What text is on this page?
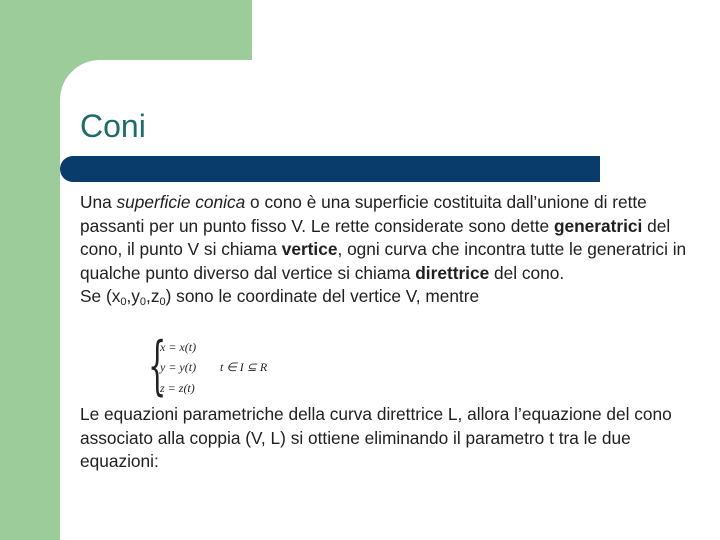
Coni

Una superficie conica o cono è una superficie costituita dall’unione di rette passanti per un punto fisso V. Le rette considerate sono dette generatrici del cono, il punto V si chiama vertice, ogni curva che incontra tutte le generatrici in qualche punto diverso dal vertice si chiama direttrice del cono.

Se $(x_0,y_0,z_0)$ sono le coordinate del vertice V, mentre

{
x = x(t)
y = y(t)
z = z(t)
t ∈ I ⊆ R

Le equazioni parametriche della curva direttrice L, allora l’equazione del cono associato alla coppia (V, L) si ottiene eliminando il parametro t tra le due equazioni:
